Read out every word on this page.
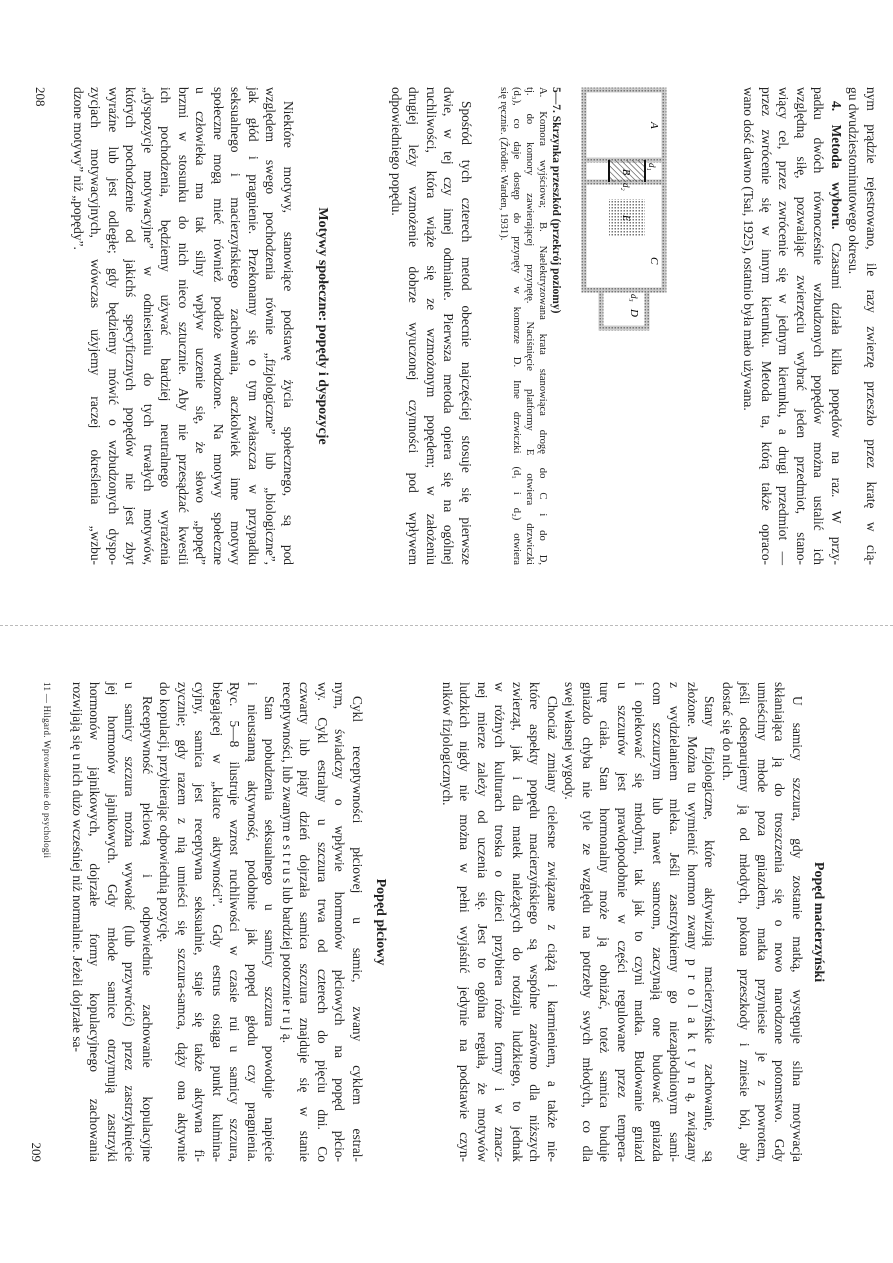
nym prądzie rejestrowano, ile razy zwierzę przeszło przez kratę w cią-
gu dwudziestominutowego okresu.
4. Metoda wyboru. Czasami działa kilka popędów na raz. W przy-
padku dwóch równocześnie wzbudzonych popędów można ustalić ich
względną siłę, pozwalając zwierzęciu wybrać jeden przedmiot, stano-
wiący cel, przez zwrócenie się w jednym kierunku, a drugi przedmiot —
przez zwrócenie się w innym kierunku. Metoda ta, którą także opraco-
wano dość dawno (Tsai, 1925), ostatnio była mało używana.
A
d₁
B
d₂
E
C
d₃
D
5—7. Skrzynka przeszkód (przekrój poziomy)
A. Komora wyjściowa; B. Naelektryzowana krata stanowiąca drogę do C i do D,
tj. do komory zawierającej przynętę. Naciśnięcie platformy E otwiera drzwiczki
(d₃), co daje dostęp do przynęty w komorze D. Inne drzwiczki (d₁ i d₂) otwiera
się ręcznie. (Źródło: Warden, 1931).
Spośród tych czterech metod obecnie najczęściej stosuje się pierwsze
dwie, w tej czy innej odmianie. Pierwsza metoda opiera się na ogólnej
ruchliwości, która wiąże się ze wzmożonym popędem; w założeniu
drugiej leży wzmożenie dobrze wyuczonej czynności pod wpływem
odpowiedniego popędu.
Motywy społeczne: popędy i dyspozycje
Niektóre motywy, stanowiące podstawę życia społecznego, są pod
względem swego pochodzenia równie „fizjologiczne” lub „biologiczne”,
jak głód i pragnienie. Przekonamy się o tym zwłaszcza w przypadku
seksualnego i macierzyńskiego zachowania, aczkolwiek inne motywy
społeczne mogą mieć również podłoże wrodzone. Na motywy społeczne
u człowieka ma tak silny wpływ uczenie się, że słowo „popęd”
brzmi w stosunku do nich nieco sztucznie. Aby nie przesądzać kwestii
ich pochodzenia, będziemy używać bardziej neutralnego wyrażenia
„dyspozycje motywacyjne” w odniesieniu do tych trwałych motywów,
których pochodzenie od jakichś specyficznych popędów nie jest zbyt
wyraźne lub jest odległe; gdy będziemy mówić o wzbudzonych dyspo-
zycjach motywacyjnych, wówczas użyjemy raczej określenia „wzbu-
dzone motywy” niż „popędy”.
208
Popęd macierzyński
U samicy szczura, gdy zostanie matką, występuje silna motywacja
skłaniająca ją do troszczenia się o nowo narodzone potomstwo. Gdy
umieścimy młode poza gniazdem, matka przyniesie je z powrotem,
jeśli odseparujemy ją od młodych, pokona przeszkody i zniesie ból, aby
dostać się do nich.
Stany fizjologiczne, które aktywizują macierzyńskie zachowanie, są
złożone. Można tu wymienić hormon zwany p r o l a k t y n ą, związany
z wydzielaniem mleka. Jeśli zastrzykniemy go niezapłodnionym sami-
com szczurzym lub nawet samcom, zaczynają one budować gniazda
i opiekować się młodymi, tak jak to czyni matka. Budowanie gniazd
u szczurów jest prawdopodobnie w części regulowane przez tempera-
turę ciała. Stan hormonalny może ją obniżać, toteż samica buduje
gniazdo chyba nie tyle ze względu na potrzeby swych młodych, co dla
swej własnej wygody.
Chociaż zmiany cielesne związane z ciążą i karmieniem, a także nie-
które aspekty popędu macierzyńskiego są wspólne zarówno dla niższych
zwierząt, jak i dla matek należących do rodzaju ludzkiego, to jednak
w różnych kulturach troska o dzieci przybiera różne formy i w znacz-
nej mierze zależy od uczenia się. Jest to ogólna reguła, że motywów
ludzkich nigdy nie można w pełni wyjaśnić jedynie na podstawie czyn-
ników fizjologicznych.
Popęd płciowy
Cykl receptywności płciowej u samic, zwany cyklem estral-
nym, świadczy o wpływie hormonów płciowych na popęd płcio-
wy. Cykl estralny u szczura trwa od czterech do pięciu dni. Co
czwarty lub piąty dzień dojrzała samica szczura znajduje się w stanie
receptywności, lub zwanym e s t r u s lub bardziej potocznie r u j ą.
Stan pobudzenia seksualnego u samicy szczura powoduje napięcie
i nieustanną aktywność, podobnie jak popęd głodu czy pragnienia.
Ryc. 5—8 ilustruje wzrost ruchliwości w czasie rui u samicy szczura,
biegającej w „klatce aktywności”. Gdy estrus osiąga punkt kulmina-
cyjny, samica jest receptywna seksualnie, staje się także aktywna fi-
zycznie; gdy razem z nią umieści się szczura-samca, dąży ona aktywnie
do kopulacji, przybierając odpowiednią pozycję.
Receptywność płciową i odpowiednie zachowanie kopulacyjne
u samicy szczura można wywołać (lub przywrócić) przez zastrzyknięcie
jej hormonów jajnikowych. Gdy młode samice otrzymują zastrzyki
hormonów jajnikowych, dojrzałe formy kopulacyjnego zachowania
rozwijają się u nich dużo wcześniej niż normalnie. Jeżeli dojrzałe sa-
11 — Hilgard. Wprowadzenie do psychologii
209
